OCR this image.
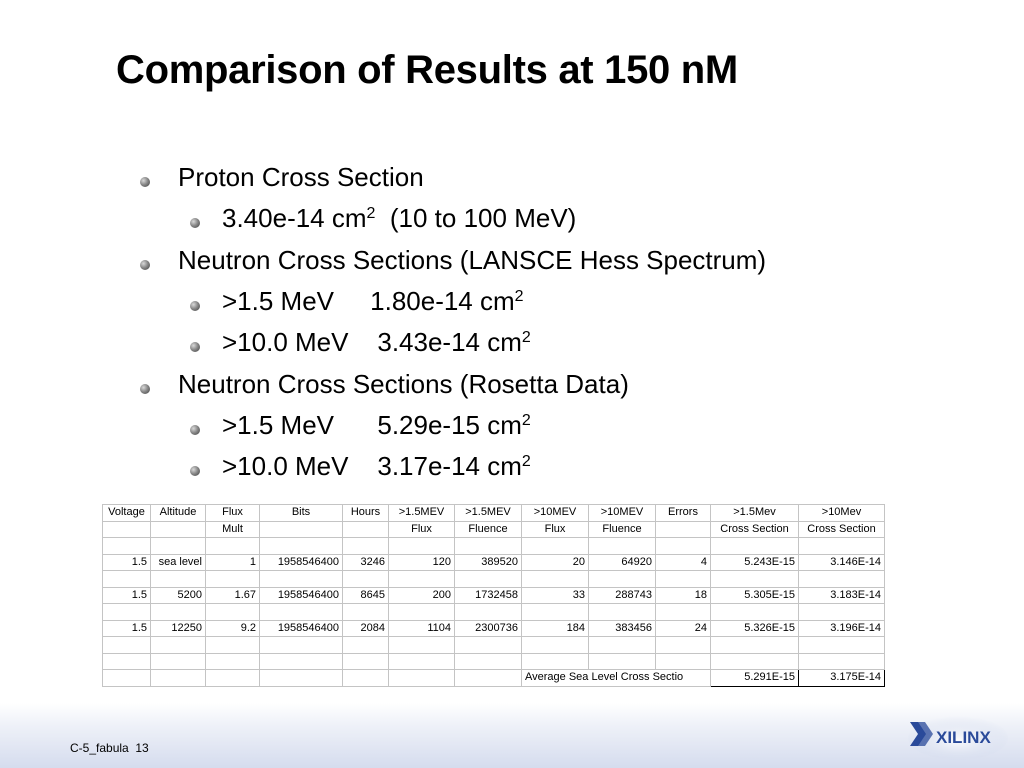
Comparison of Results at 150 nM
Proton Cross Section
3.40e-14 $cm^2$  (10 to 100 MeV)
Neutron Cross Sections (LANSCE Hess Spectrum)
>1.5 MeV     1.80e-14 $cm^2$
>10.0 MeV    3.43e-14 $cm^2$
Neutron Cross Sections (Rosetta Data)
>1.5 MeV      5.29e-15 $cm^2$
>10.0 MeV    3.17e-14 $cm^2$
Voltage	Altitude	Flux	Bits	Hours	>1.5MEV	>1.5MEV	>10MEV	>10MEV	Errors	>1.5Mev	>10Mev
		Mult			Flux	Fluence	Flux	Fluence		Cross Section	Cross Section

1.5	sea level	1	1958546400	3246	120	389520	20	64920	4	5.243E-15	3.146E-14

1.5	5200	1.67	1958546400	8645	200	1732458	33	288743	18	5.305E-15	3.183E-14

1.5	12250	9.2	1958546400	2084	1104	2300736	184	383456	24	5.326E-15	3.196E-14

							Average Sea Level Cross Sectio			5.291E-15	3.175E-14
C-5_fabula  13
XILINX
